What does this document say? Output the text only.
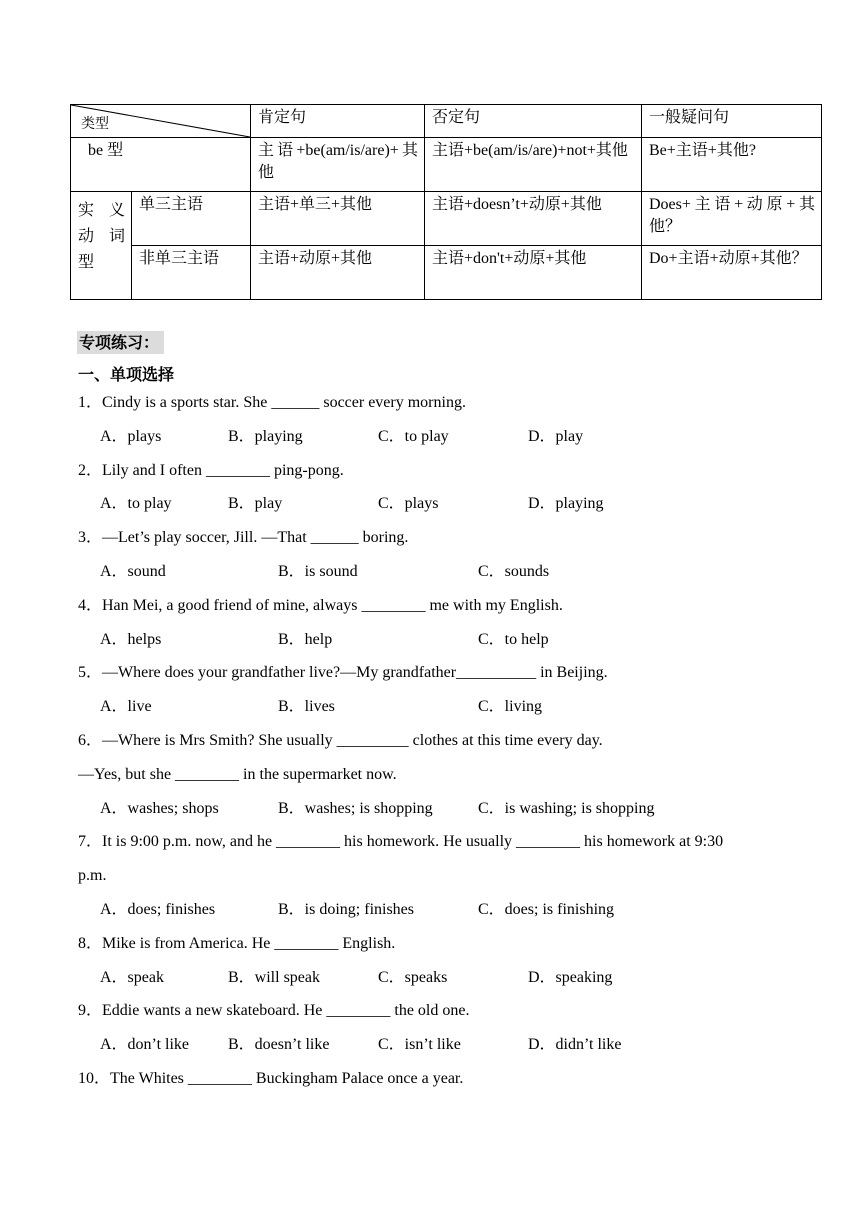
类型		肯定句	否定句	一般疑问句
be 型		主语+be(am/is/are)+其他	主语+be(am/is/are)+not+其他	Be+主语+其他?
实义动词型	单三主语	主语+单三+其他	主语+doesn’t+动原+其他	Does+主语+动原+其他？
	非单三主语	主语+动原+其他	主语+don't+动原+其他	Do+主语+动原+其他？
专项练习：
一、单项选择
1．Cindy is a sports star. She ______ soccer every morning.
A．plays	B．playing	C．to play	D．play
2．Lily and I often ________ ping-pong.
A．to play	B．play	C．plays	D．playing
3．—Let’s play soccer, Jill. —That ______ boring.
A．sound	B．is sound	C．sounds
4．Han Mei, a good friend of mine, always ________ me with my English.
A．helps	B．help	C．to help
5．—Where does your grandfather live?—My grandfather__________ in Beijing.
A．live	B．lives	C．living
6．—Where is Mrs Smith? She usually _________ clothes at this time every day.
—Yes, but she ________ in the supermarket now.
A．washes; shops	B．washes; is shopping	C．is washing; is shopping
7．It is 9:00 p.m. now, and he ________ his homework. He usually ________ his homework at 9:30
p.m.
A．does; finishes	B．is doing; finishes	C．does; is finishing
8．Mike is from America. He ________ English.
A．speak	B．will speak	C．speaks	D．speaking
9．Eddie wants a new skateboard. He ________ the old one.
A．don’t like B．doesn’t like	C．isn’t like	D．didn’t like
10．The Whites ________ Buckingham Palace once a year.
